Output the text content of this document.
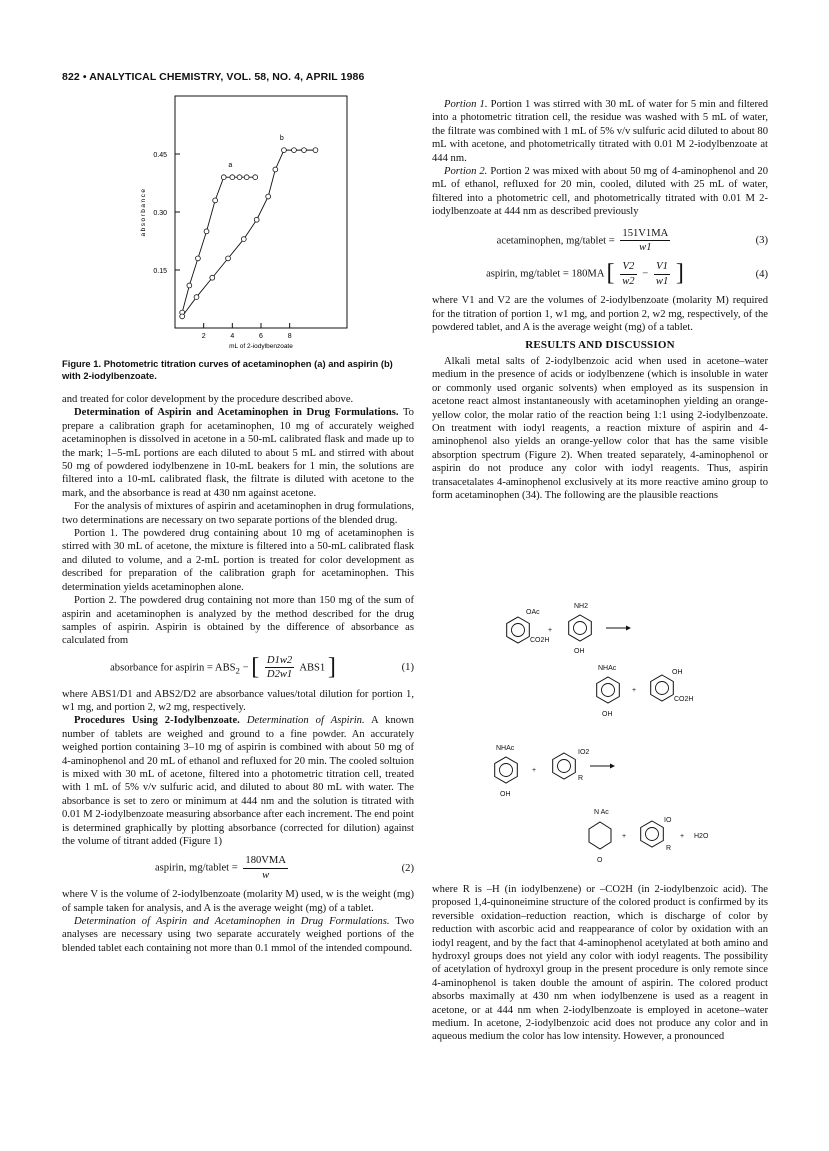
822 • ANALYTICAL CHEMISTRY, VOL. 58, NO. 4, APRIL 1986
0.15
0.30
0.45
2	4	6	8
mL of 2-iodylbenzoate
absorbance
a
b
Figure 1. Photometric titration curves of acetaminophen (a) and aspirin (b) with 2-iodylbenzoate.

and treated for color development by the procedure described above.

Determination of Aspirin and Acetaminophen in Drug Formulations. To prepare a calibration graph for acetaminophen, 10 mg of accurately weighed acetaminophen is dissolved in acetone in a 50-mL calibrated flask and made up to the mark; 1–5-mL portions are each diluted to about 5 mL and stirred with about 50 mg of powdered iodylbenzene in 10-mL beakers for 1 min, the solutions are filtered into a 10-mL calibrated flask, the filtrate is diluted with acetone to the mark, and the absorbance is read at 430 nm against acetone.

For the analysis of mixtures of aspirin and acetaminophen in drug formulations, two determinations are necessary on two separate portions of the blended drug.

Portion 1. The powdered drug containing about 10 mg of acetaminophen is stirred with 30 mL of acetone, the mixture is filtered into a 50-mL calibrated flask and diluted to volume, and a 2-mL portion is treated for color development as described for preparation of the calibration graph for acetaminophen. This determination yields acetaminophen alone.

Portion 2. The powdered drug containing not more than 150 mg of the sum of aspirin and acetaminophen is analyzed by the method described for the drug samples of aspirin. Aspirin is obtained by the difference of absorbance as calculated from

absorbance for aspirin = $ABS_2$ − [ $\frac{D1w2}{D2w1} ABS1$ ]	(1)

where ABS1/D1 and ABS2/D2 are absorbance values/total dilution for portion 1, w1 mg, and portion 2, w2 mg, respectively.

Procedures Using 2-Iodylbenzoate. Determination of Aspirin. A known number of tablets are weighed and ground to a fine powder. An accurately weighed portion containing 3–10 mg of aspirin is combined with about 50 mg of 4-aminophenol and 20 mL of ethanol and refluxed for 20 min. The cooled soltuion is mixed with 30 mL of acetone, filtered into a photometric titration cell, treated with 1 mL of 5% v/v sulfuric acid, and diluted to about 80 mL with water. The absorbance is set to zero or minimum at 444 nm and the solution is titrated with 0.01 M 2-iodylbenzoate measuring absorbance after each increment. The end point is determined graphically by plotting absorbance (corrected for dilution) against the volume of titrant added (Figure 1)

aspirin, mg/tablet = $\frac{\text{180VMA}}{w}$	(2)

where V is the volume of 2-iodylbenzoate (molarity M) used, w is the weight (mg) of sample taken for analysis, and A is the average weight (mg) of a tablet.

Determination of Aspirin and Acetaminophen in Drug Formulations. Two analyses are necessary using two separate accurately weighed portions of the blended tablet each containing not more than 0.1 mmol of the intended compound.

Portion 1. Portion 1 was stirred with 30 mL of water for 5 min and filtered into a photometric titration cell, the residue was washed with 5 mL of water, the filtrate was combined with 1 mL of 5% v/v sulfuric acid diluted to about 80 mL with acetone, and photometrically titrated with 0.01 M 2-iodylbenzoate at 444 nm.

Portion 2. Portion 2 was mixed with about 50 mg of 4-aminophenol and 20 mL of ethanol, refluxed for 20 min, cooled, diluted with 25 mL of water, filtered into a photometric cell, and photometrically titrated with 0.01 M 2-iodylbenzoate at 444 nm as described previously

acetaminophen, mg/tablet = $\frac{151V1MA}{w1}$	(3)
aspirin, mg/tablet = 180MA [ $\frac{V2}{w2} - \frac{V1}{w1}$ ]	(4)

where V1 and V2 are the volumes of 2-iodylbenzoate (molarity M) required for the titration of portion 1, w1 mg, and portion 2, w2 mg, respectively, of the powdered tablet, and A is the average weight (mg) of a tablet.

RESULTS AND DISCUSSION

Alkali metal salts of 2-iodylbenzoic acid when used in acetone–water medium in the presence of acids or iodylbenzene (which is insoluble in water or commonly used organic solvents) when employed as its suspension in acetone react almost instantaneously with acetaminophen yielding an orange-yellow color, the molar ratio of the reaction being 1:1 using 2-iodylbenzoate. On treatment with iodyl reagents, a reaction mixture of aspirin and 4-aminophenol also yields an orange-yellow color that has the same visible absorption spectrum (Figure 2). When treated separately, 4-aminophenol or aspirin do not produce any color with iodyl reagents. Thus, aspirin transacetalates 4-aminophenol exclusively at its more reactive amino group to form acetaminophen (34). The following are the plausible reactions

OAc
CO2H
+
NH2
OH
NHAc
OH
+
OH
CO2H
NHAc
OH
+
IO2
R
N Ac
O
+
IO
R
+ H2O

where R is –H (in iodylbenzene) or –CO2H (in 2-iodylbenzoic acid). The proposed 1,4-quinoneimine structure of the colored product is confirmed by its reversible oxidation–reduction reaction, which is discharge of color by reduction with ascorbic acid and reappearance of color by oxidation with an iodyl reagent, and by the fact that 4-aminophenol acetylated at both amino and hydroxyl groups does not yield any color with iodyl reagents. The possibility of acetylation of hydroxyl group in the present procedure is only remote since 4-aminophenol is taken double the amount of aspirin. The colored product absorbs maximally at 430 nm when iodylbenzene is used as a reagent in acetone, or at 444 nm when 2-iodylbenzoate is employed in acetone–water medium. In acetone, 2-iodylbenzoic acid does not produce any color and in aqueous medium the color has low intensity. However, a pronounced
